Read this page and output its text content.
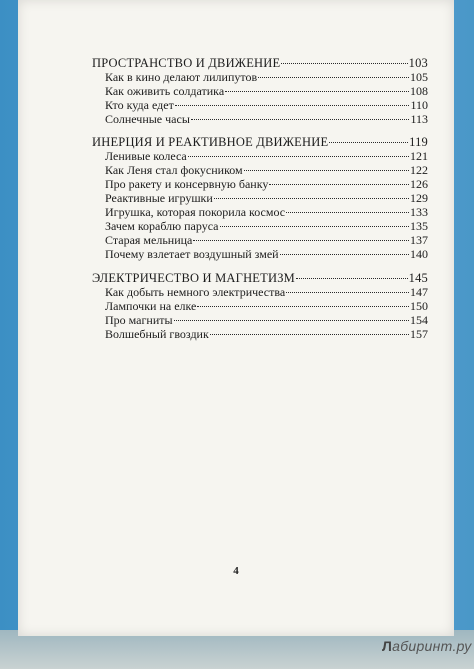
ПРОСТРАНСТВО И ДВИЖЕНИЕ	103
Как в кино делают лилипутов	105
Как оживить солдатика	108
Кто куда едет	110
Солнечные часы	113
ИНЕРЦИЯ И РЕАКТИВНОЕ ДВИЖЕНИЕ	119
Ленивые колеса	121
Как Леня стал фокусником	122
Про ракету и консервную банку	126
Реактивные игрушки	129
Игрушка, которая покорила космос	133
Зачем кораблю паруса	135
Старая мельница	137
Почему взлетает воздушный змей	140
ЭЛЕКТРИЧЕСТВО И МАГНЕТИЗМ	145
Как добыть немного электричества	147
Лампочки на елке	150
Про магниты	154
Волшебный гвоздик	157
4
Лабиринт.ру
